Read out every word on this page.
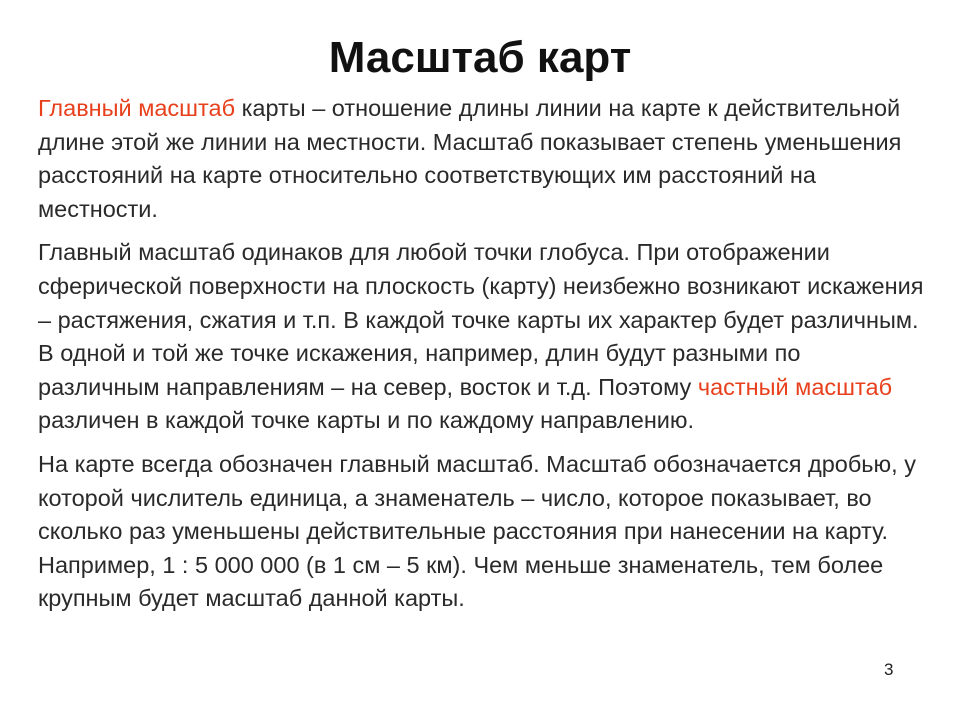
Масштаб карт

Главный масштаб карты – отношение длины линии на карте к действительной длине этой же линии на местности. Масштаб показывает степень уменьшения расстояний на карте относительно соответствующих им расстояний на местности.

Главный масштаб одинаков для любой точки глобуса. При отображении сферической поверхности на плоскость (карту) неизбежно возникают искажения – растяжения, сжатия и т.п. В каждой точке карты их характер будет различным. В одной и той же точке искажения, например, длин будут разными по различным направлениям – на север, восток и т.д. Поэтому частный масштаб различен в каждой точке карты и по каждому направлению.

На карте всегда обозначен главный масштаб. Масштаб обозначается дробью, у которой числитель единица, а знаменатель – число, которое показывает, во сколько раз уменьшены действительные расстояния при нанесении на карту. Например, 1 : 5 000 000 (в 1 см – 5 км). Чем меньше знаменатель, тем более крупным будет масштаб данной карты.

3
